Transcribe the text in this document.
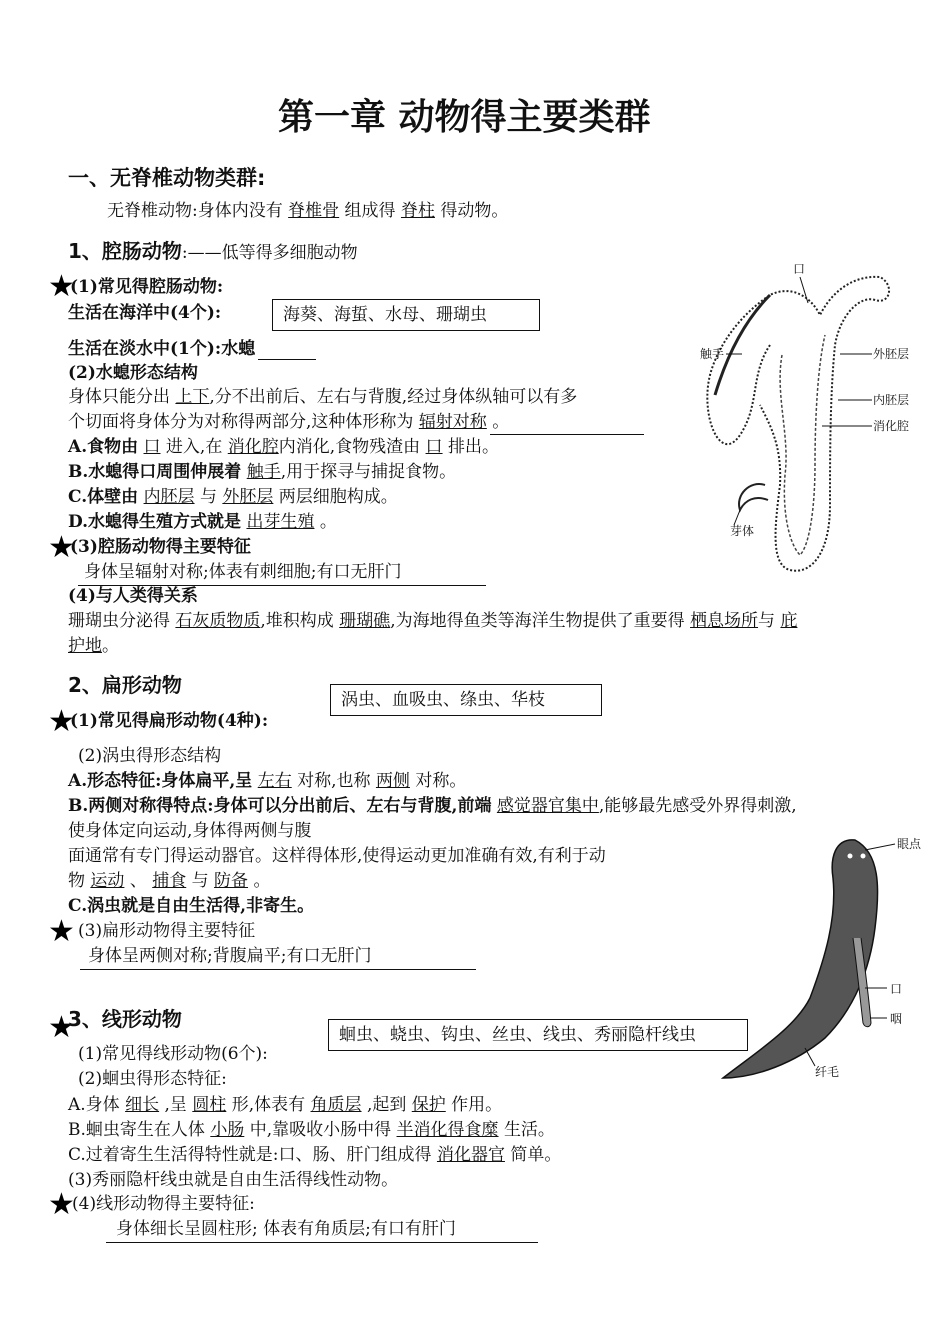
第一章 动物得主要类群
一、无脊椎动物类群:
无脊椎动物:身体内没有 脊椎骨 组成得 脊柱 得动物。
1、腔肠动物:——低等得多细胞动物
★
(1)常见得腔肠动物:
生活在海洋中(4个):	海葵、海蜇、水母、珊瑚虫
生活在淡水中(1个):水螅
(2)水螅形态结构
身体只能分出 上下,分不出前后、左右与背腹,经过身体纵轴可以有多
个切面将身体分为对称得两部分,这种体形称为 辐射对称 。
A.食物由 口 进入,在 消化腔内消化,食物残渣由 口 排出。
B.水螅得口周围伸展着 触手,用于探寻与捕捉食物。
C.体壁由 内胚层 与 外胚层 两层细胞构成。
D.水螅得生殖方式就是 出芽生殖 。
★
(3)腔肠动物得主要特征
身体呈辐射对称;体表有刺细胞;有口无肝门
(4)与人类得关系
珊瑚虫分泌得 石灰质物质,堆积构成 珊瑚礁,为海地得鱼类等海洋生物提供了重要得 栖息场所与 庇
护地。
口
触手	外胚层
内胚层
消化腔
芽体
2、扁形动物
涡虫、血吸虫、绦虫、华枝
★
(1)常见得扁形动物(4种):
(2)涡虫得形态结构
A.形态特征:身体扁平,呈 左右 对称,也称 两侧 对称。
B.两侧对称得特点:身体可以分出前后、左右与背腹,前端 感觉器官集中,能够最先感受外界得刺激,
使身体定向运动,身体得两侧与腹
面通常有专门得运动器官。这样得体形,使得运动更加准确有效,有利于动
物 运动 、 捕食 与 防备 。
C.涡虫就是自由生活得,非寄生。
★ (3)扁形动物得主要特征
身体呈两侧对称;背腹扁平;有口无肝门
眼点
口
咽
纤毛
★
3、线形动物
蛔虫、蛲虫、钩虫、丝虫、线虫、秀丽隐杆线虫
(1)常见得线形动物(6个):
(2)蛔虫得形态特征:
A.身体 细长 ,呈 圆柱 形,体表有 角质层 ,起到 保护 作用。
B.蛔虫寄生在人体 小肠 中,靠吸收小肠中得 半消化得食糜 生活。
C.过着寄生生活得特性就是:口、肠、肝门组成得 消化器官 简单。
(3)秀丽隐杆线虫就是自由生活得线性动物。
★
(4)线形动物得主要特征:
身体细长呈圆柱形; 体表有角质层;有口有肝门
